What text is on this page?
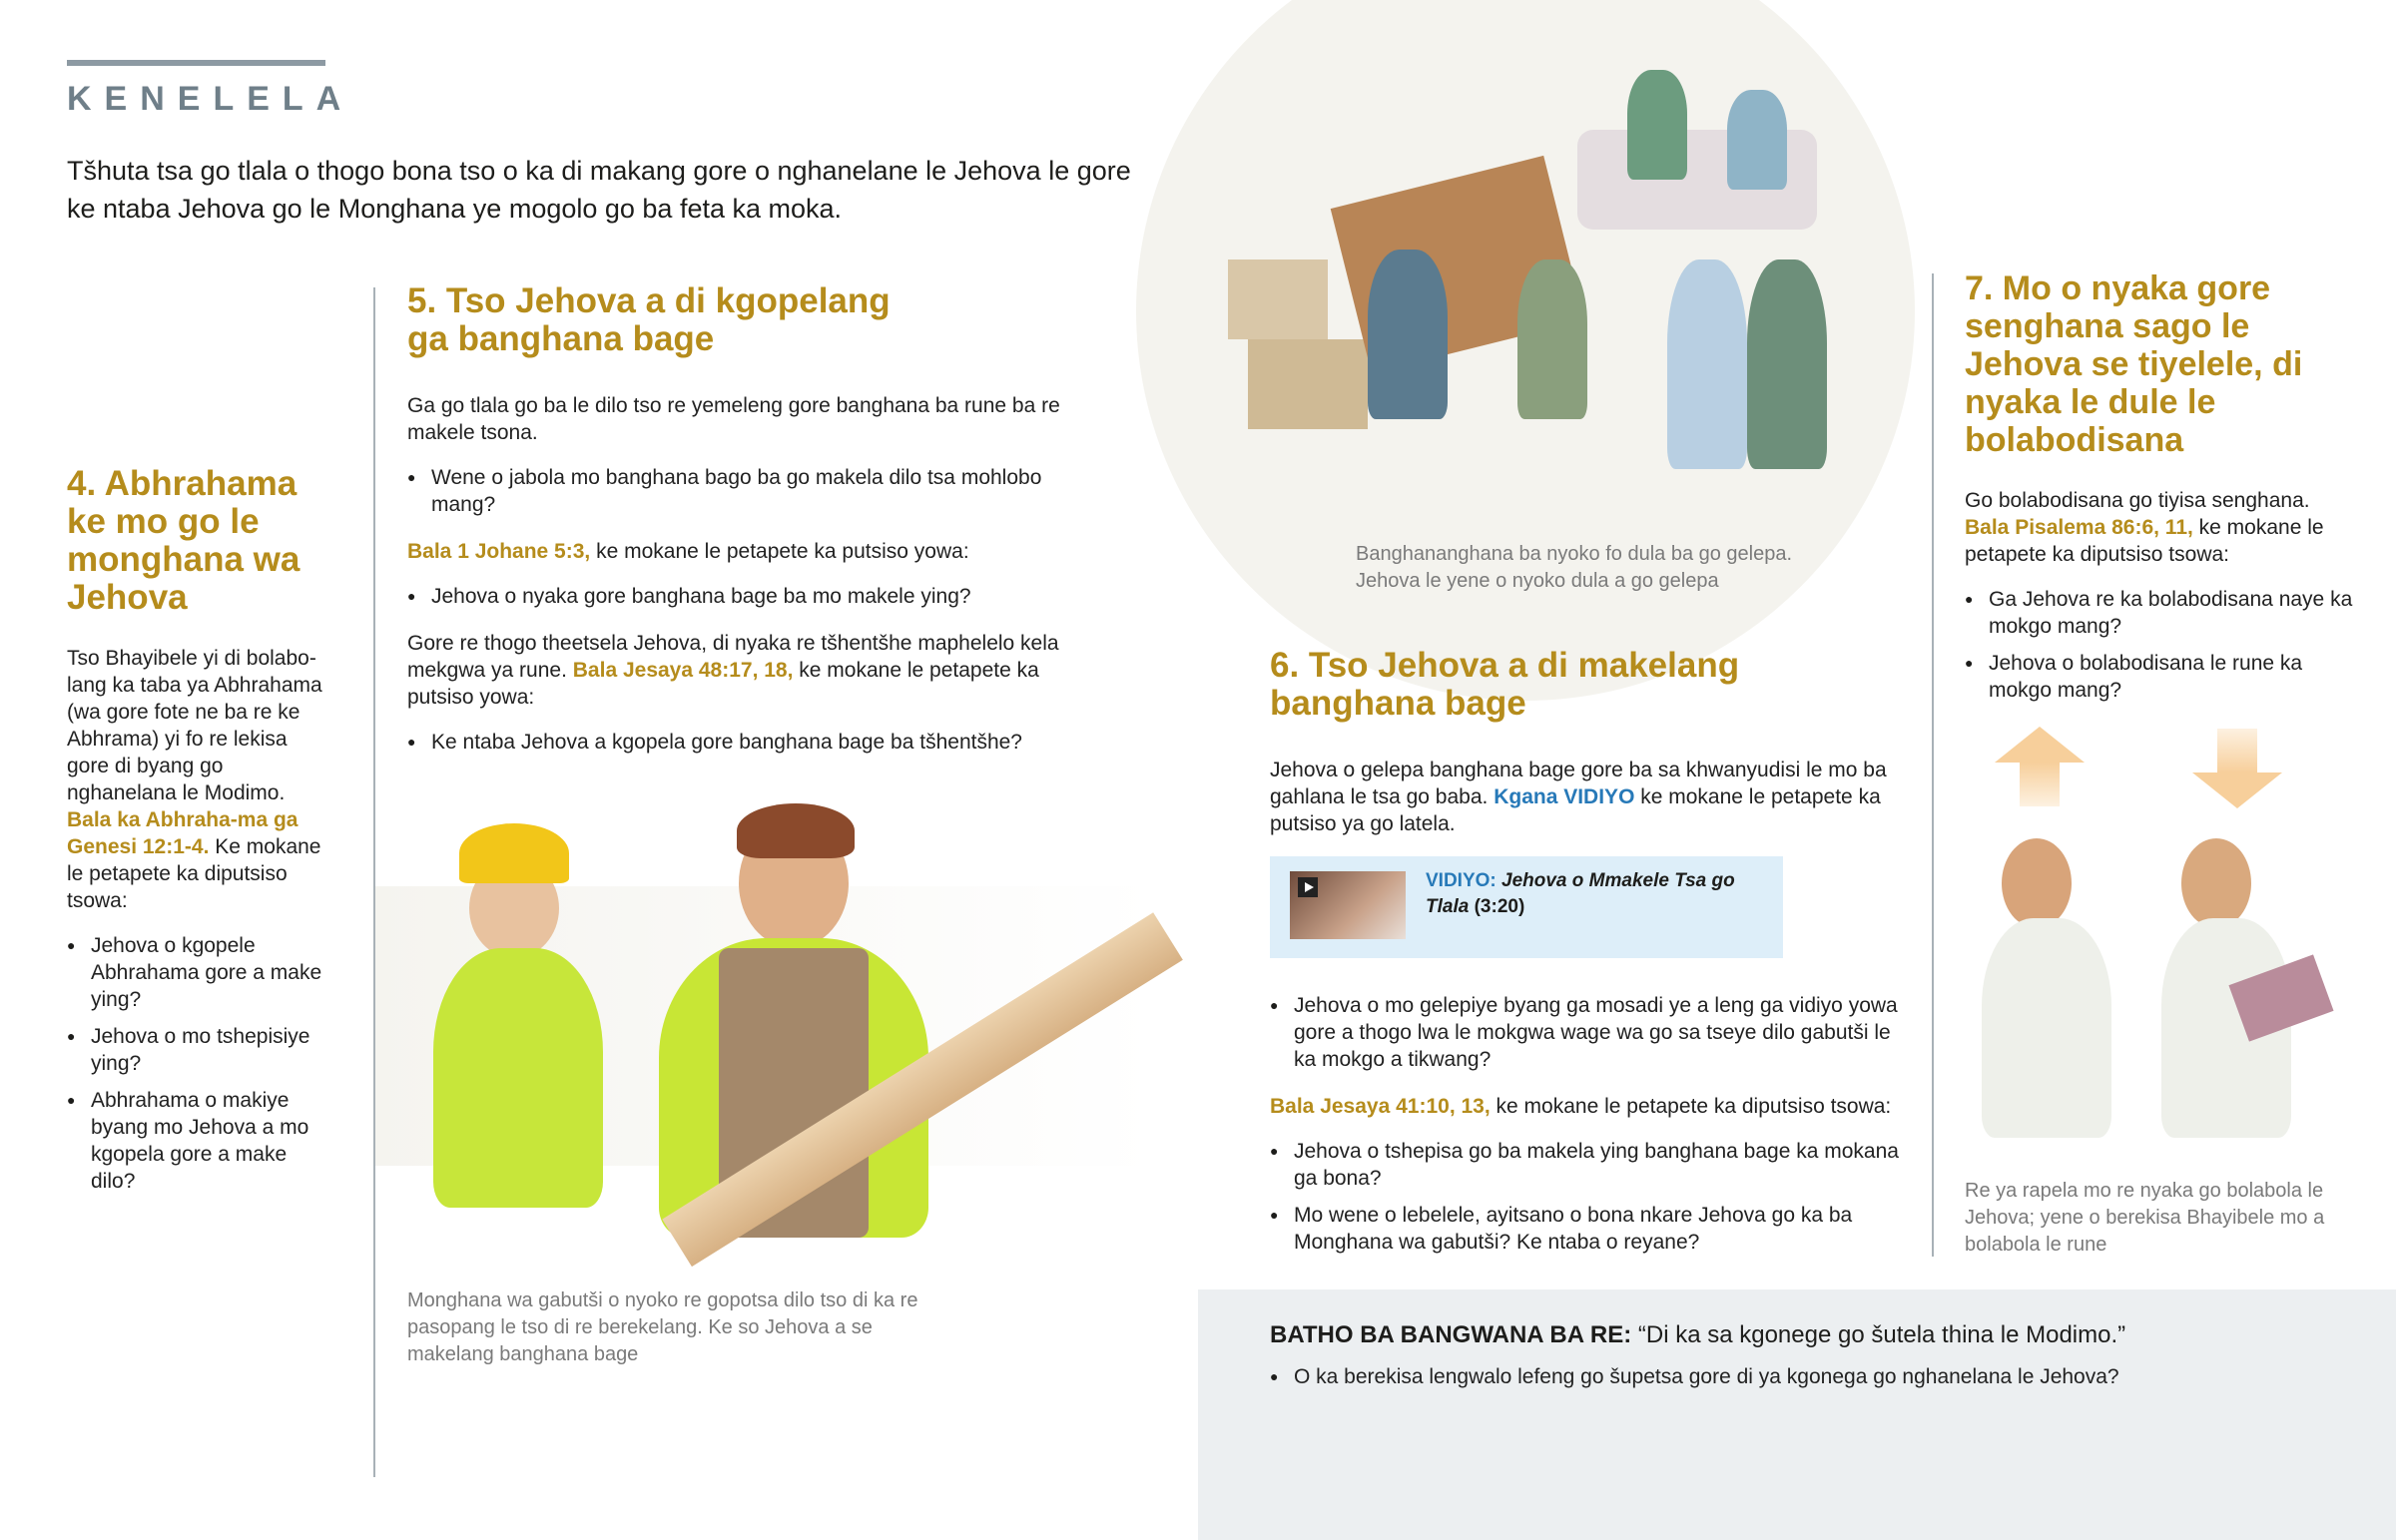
KENELELA
Tšhuta tsa go tlala o thogo bona tso o ka di makang gore o nghanelane le Jehova le gore ke ntaba Jehova go le Monghana ye mogolo go ba feta ka moka.
4. Abhrahama ke mo go le monghana wa Jehova

Tso Bhayibele yi di bolabo-lang ka taba ya Abhrahama (wa gore fote ne ba re ke Abhrama) yi fo re lekisa gore di byang go nghanelana le Modimo. Bala ka Abhraha-ma ga Genesi 12:1-4. Ke mokane le petapete ka diputsiso tsowa:

● Jehova o kgopele Abhrahama gore a make ying?
● Jehova o mo tshepisiye ying?
● Abhrahama o makiye byang mo Jehova a mo kgopela gore a make dilo?
5. Tso Jehova a di kgopelang
ga banghana bage

Ga go tlala go ba le dilo tso re yemeleng gore banghana ba rune ba re makele tsona.

● Wene o jabola mo banghana bago ba go makela dilo tsa mohlobo mang?

Bala 1 Johane 5:3, ke mokane le petapete ka putsiso yowa:

● Jehova o nyaka gore banghana bage ba mo makele ying?

Gore re thogo theetsela Jehova, di nyaka re tšhentšhe maphelelo kela mekgwa ya rune. Bala Jesaya 48:17, 18, ke mokane le petapete ka putsiso yowa:

● Ke ntaba Jehova a kgopela gore banghana bage ba tšhentšhe?
Monghana wa gabutši o nyoko re gopotsa dilo tso di ka re pasopang le tso di re berekelang. Ke so Jehova a se makelang banghana bage
Banghananghana ba nyoko fo dula ba go gelepa. Jehova le yene o nyoko dula a go gelepa
6. Tso Jehova a di makelang
banghana bage

Jehova o gelepa banghana bage gore ba sa khwanyudisi le mo ba gahlana le tsa go baba. Kgana VIDIYO ke mokane le petapete ka putsiso ya go latela.

VIDIYO: Jehova o Mmakele Tsa go Tlala (3:20)
● Jehova o mo gelepiye byang ga mosadi ye a leng ga vidiyo yowa gore a thogo lwa le mokgwa wage wa go sa tseye dilo gabutši le ka mokgo a tikwang?

Bala Jesaya 41:10, 13, ke mokane le petapete ka diputsiso tsowa:

● Jehova o tshepisa go ba makela ying banghana bage ka mokana ga bona?
● Mo wene o lebelele, ayitsano o bona nkare Jehova go ka ba Monghana wa gabutši? Ke ntaba o reyane?
7. Mo o nyaka gore senghana sago le Jehova se tiyelele, di nyaka le dule le bolabodisana

Go bolabodisana go tiyisa senghana. Bala Pisalema 86:6, 11, ke mokane le petapete ka diputsiso tsowa:

● Ga Jehova re ka bolabodisana naye ka mokgo mang?
● Jehova o bolabodisana le rune ka mokgo mang?
Re ya rapela mo re nyaka go bolabola le Jehova; yene o berekisa Bhayibele mo a bolabola le rune
BATHO BA BANGWANA BA RE: “Di ka sa kgonege go šutela thina le Modimo.”
● O ka berekisa lengwalo lefeng go šupetsa gore di ya kgonega go nghanelana le Jehova?
